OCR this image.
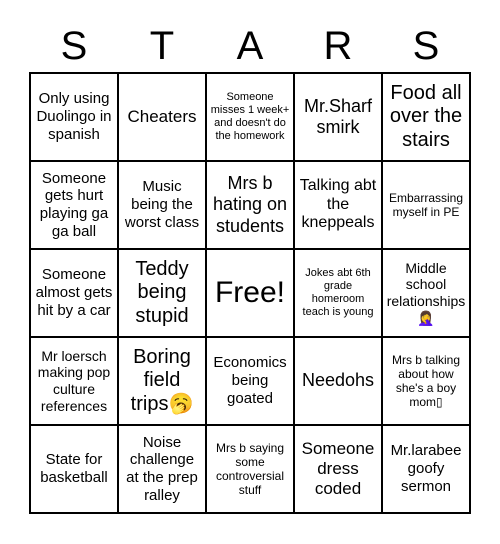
S	T	A	R	S
Only using Duolingo in spanish
Cheaters
Someone misses 1 week+ and doesn't do the homework
Mr.Sharf smirk
Food all over the stairs
Someone gets hurt playing ga ga ball
Music being the worst class
Mrs b hating on students
Talking abt the kneppeals
Embarrassing myself in PE
Someone almost gets hit by a car
Teddy being stupid
Free!
Jokes abt 6th grade homeroom teach is young
Middle school relationships 🤦‍♀️
Mr loersch making pop culture references
Boring field trips🥱
Economics being goated
Needohs
Mrs b talking about how she's a boy mom▯
State for basketball
Noise challenge at the prep ralley
Mrs b saying some controversial stuff
Someone dress coded
Mr.larabee goofy sermon
